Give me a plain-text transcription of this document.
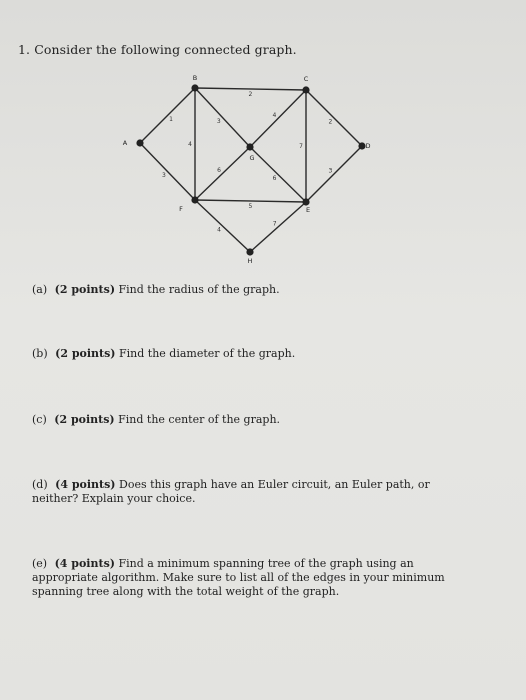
1. Consider the following connected graph.
1
2
2
3
4
3
4
6
6
7
5
3
4
7
A
B	C
D
E
F
G
H
(a) (2 points) Find the radius of the graph.
(b) (2 points) Find the diameter of the graph.
(c) (2 points) Find the center of the graph.
(d) (4 points) Does this graph have an Euler circuit, an Euler path, or neither? Explain your choice.
(e) (4 points) Find a minimum spanning tree of the graph using an appropriate algorithm. Make sure to list all of the edges in your minimum spanning tree along with the total weight of the graph.
